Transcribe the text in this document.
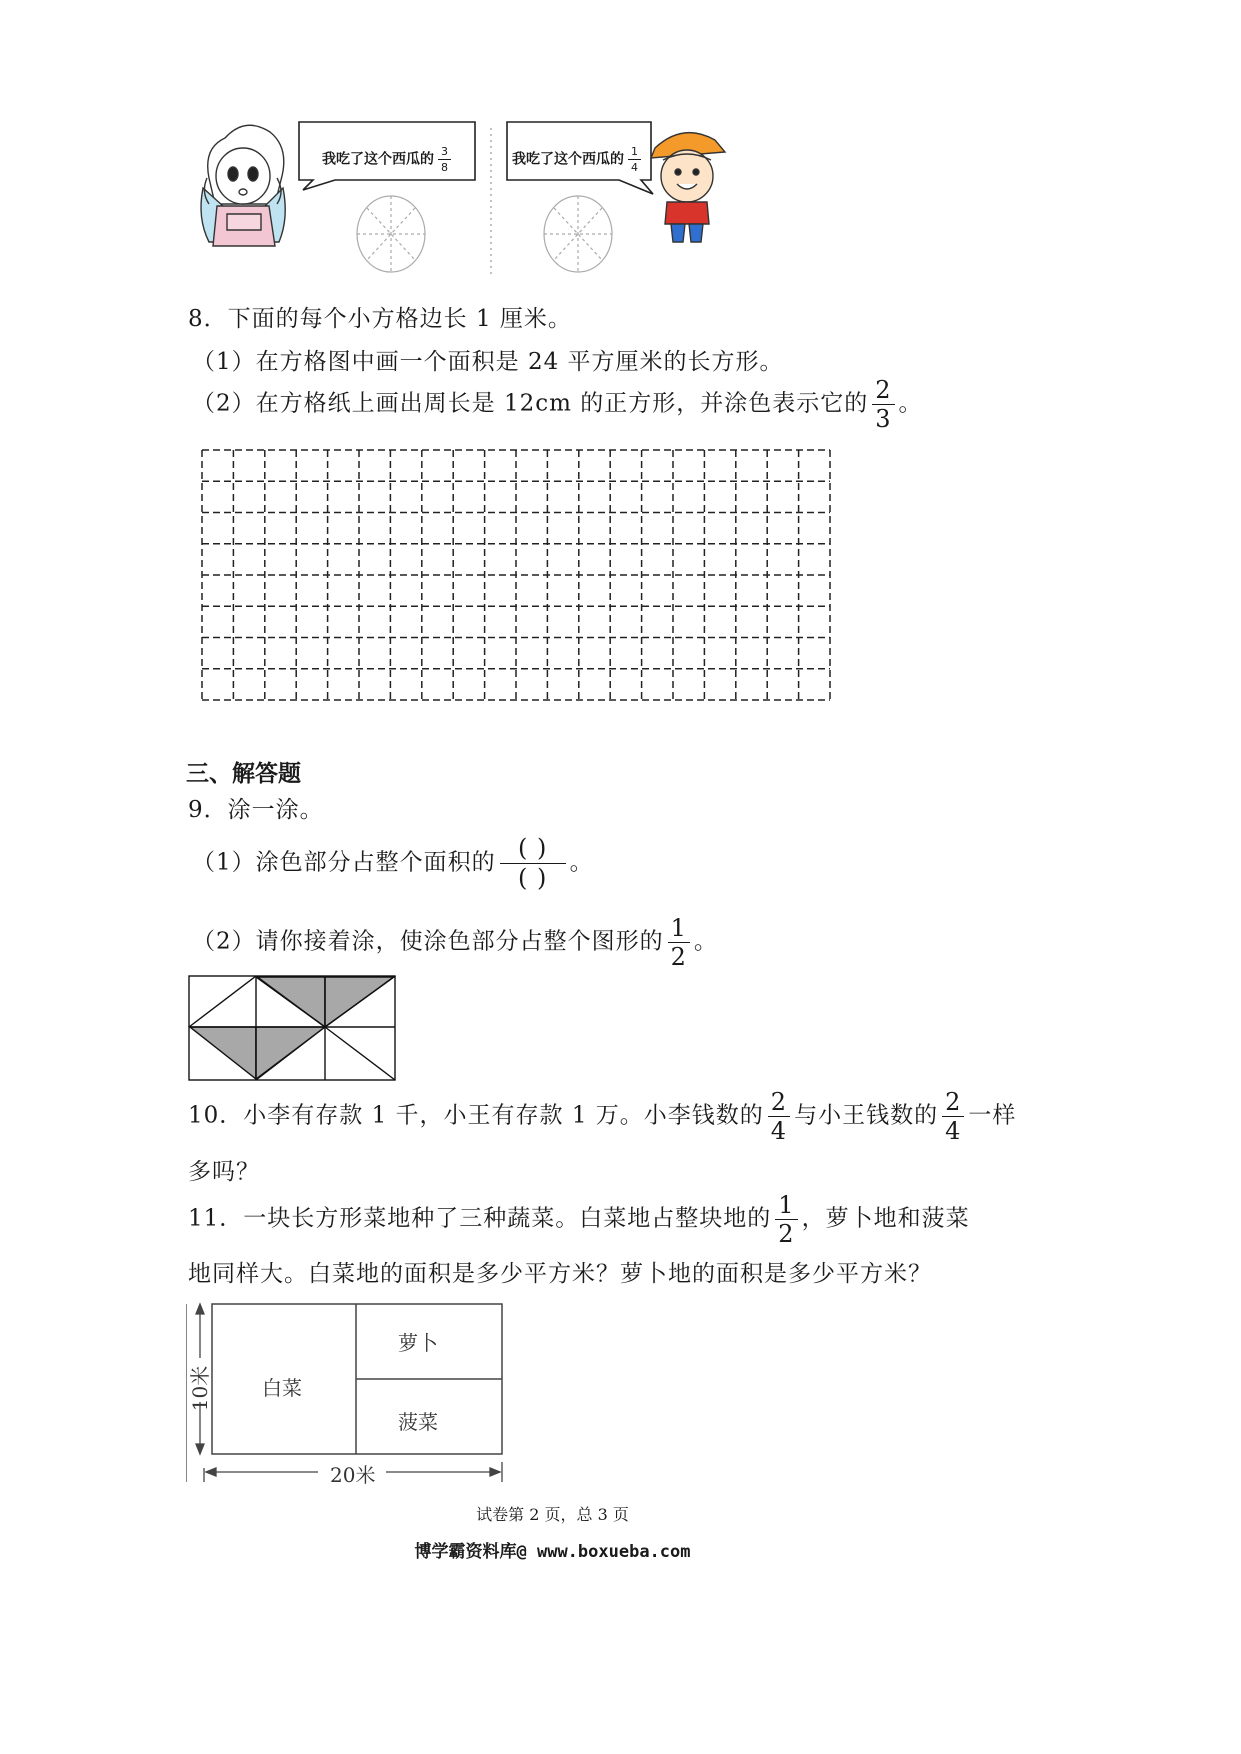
我吃了这个西瓜的 $\frac{3}{8}$	我吃了这个西瓜的 $\frac{1}{4}$
8．下面的每个小方格边长 1 厘米。
（1）在方格图中画一个面积是 24 平方厘米的长方形。
（2）在方格纸上画出周长是 12cm 的正方形，并涂色表示它的 $\frac{2}{3}$ 。
三、解答题
9．涂一涂。
（1）涂色部分占整个面积的 $\frac{( )}{( )}$ 。
（2）请你接着涂，使涂色部分占整个图形的 $\frac{1}{2}$ 。
10．小李有存款 1 千，小王有存款 1 万。小李钱数的 $\frac{2}{4}$ 与小王钱数的 $\frac{2}{4}$ 一样
多吗？
11．一块长方形菜地种了三种蔬菜。白菜地占整块地的 $\frac{1}{2}$ ，萝卜地和菠菜
地同样大。白菜地的面积是多少平方米？萝卜地的面积是多少平方米？
白菜
萝卜
菠菜
10米
20米
试卷第 2 页，总 3 页
博学霸资料库@ www.boxueba.com
